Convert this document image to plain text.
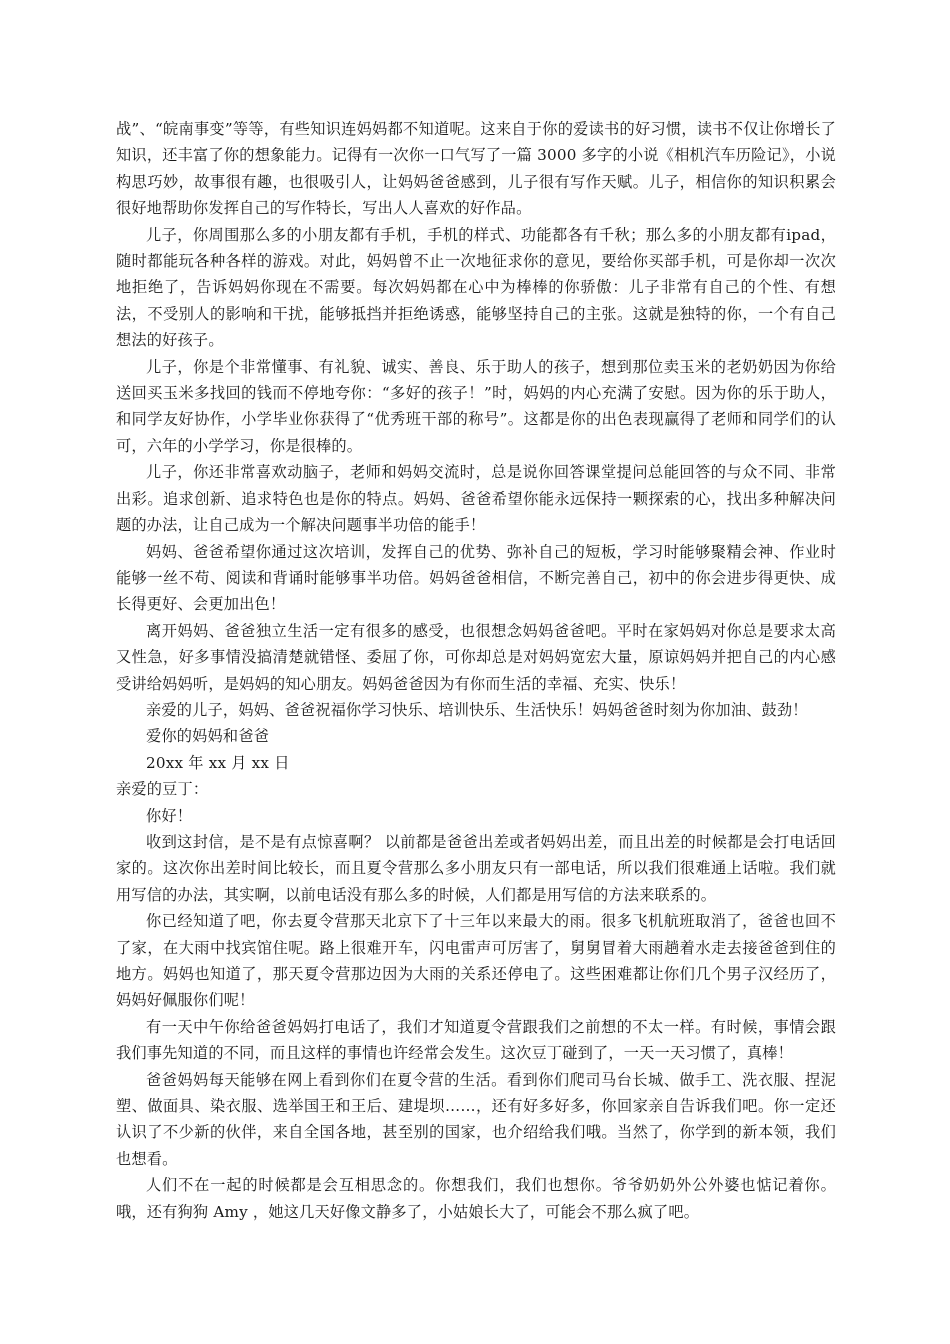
战”、“皖南事变”等等，有些知识连妈妈都不知道呢。这来自于你的爱读书的好习惯，读书不仅让你增长了知识，还丰富了你的想象能力。记得有一次你一口气写了一篇 3000 多字的小说《相机汽车历险记》，小说构思巧妙，故事很有趣，也很吸引人，让妈妈爸爸感到，儿子很有写作天赋。儿子，相信你的知识积累会很好地帮助你发挥自己的写作特长，写出人人喜欢的好作品。

儿子，你周围那么多的小朋友都有手机，手机的样式、功能都各有千秋；那么多的小朋友都有ipad，随时都能玩各种各样的游戏。对此，妈妈曾不止一次地征求你的意见，要给你买部手机，可是你却一次次地拒绝了，告诉妈妈你现在不需要。每次妈妈都在心中为棒棒的你骄傲：儿子非常有自己的个性、有想法，不受别人的影响和干扰，能够抵挡并拒绝诱惑，能够坚持自己的主张。这就是独特的你，一个有自己想法的好孩子。

儿子，你是个非常懂事、有礼貌、诚实、善良、乐于助人的孩子，想到那位卖玉米的老奶奶因为你给送回买玉米多找回的钱而不停地夸你：“多好的孩子！”时，妈妈的内心充满了安慰。因为你的乐于助人，和同学友好协作，小学毕业你获得了“优秀班干部的称号”。这都是你的出色表现赢得了老师和同学们的认可，六年的小学学习，你是很棒的。

儿子，你还非常喜欢动脑子，老师和妈妈交流时，总是说你回答课堂提问总能回答的与众不同、非常出彩。追求创新、追求特色也是你的特点。妈妈、爸爸希望你能永远保持一颗探索的心，找出多种解决问题的办法，让自己成为一个解决问题事半功倍的能手！

妈妈、爸爸希望你通过这次培训，发挥自己的优势、弥补自己的短板，学习时能够聚精会神、作业时能够一丝不苟、阅读和背诵时能够事半功倍。妈妈爸爸相信，不断完善自己，初中的你会进步得更快、成长得更好、会更加出色！

离开妈妈、爸爸独立生活一定有很多的感受，也很想念妈妈爸爸吧。平时在家妈妈对你总是要求太高又性急，好多事情没搞清楚就错怪、委屈了你，可你却总是对妈妈宽宏大量，原谅妈妈并把自己的内心感受讲给妈妈听，是妈妈的知心朋友。妈妈爸爸因为有你而生活的幸福、充实、快乐！

亲爱的儿子，妈妈、爸爸祝福你学习快乐、培训快乐、生活快乐！妈妈爸爸时刻为你加油、鼓劲！

爱你的妈妈和爸爸

20xx 年 xx 月 xx 日

亲爱的豆丁：

你好！

收到这封信，是不是有点惊喜啊？ 以前都是爸爸出差或者妈妈出差，而且出差的时候都是会打电话回家的。这次你出差时间比较长，而且夏令营那么多小朋友只有一部电话，所以我们很难通上话啦。我们就用写信的办法，其实啊，以前电话没有那么多的时候，人们都是用写信的方法来联系的。

你已经知道了吧，你去夏令营那天北京下了十三年以来最大的雨。很多飞机航班取消了，爸爸也回不了家，在大雨中找宾馆住呢。路上很难开车，闪电雷声可厉害了，舅舅冒着大雨趟着水走去接爸爸到住的地方。妈妈也知道了，那天夏令营那边因为大雨的关系还停电了。这些困难都让你们几个男子汉经历了，妈妈好佩服你们呢！

有一天中午你给爸爸妈妈打电话了，我们才知道夏令营跟我们之前想的不太一样。有时候，事情会跟我们事先知道的不同，而且这样的事情也许经常会发生。这次豆丁碰到了，一天一天习惯了，真棒！

爸爸妈妈每天能够在网上看到你们在夏令营的生活。看到你们爬司马台长城、做手工、洗衣服、捏泥塑、做面具、染衣服、选举国王和王后、建堤坝……，还有好多好多，你回家亲自告诉我们吧。你一定还认识了不少新的伙伴，来自全国各地，甚至别的国家，也介绍给我们哦。当然了，你学到的新本领，我们也想看。

人们不在一起的时候都是会互相思念的。你想我们，我们也想你。爷爷奶奶外公外婆也惦记着你。哦，还有狗狗 Amy ，她这几天好像文静多了，小姑娘长大了，可能会不那么疯了吧。
